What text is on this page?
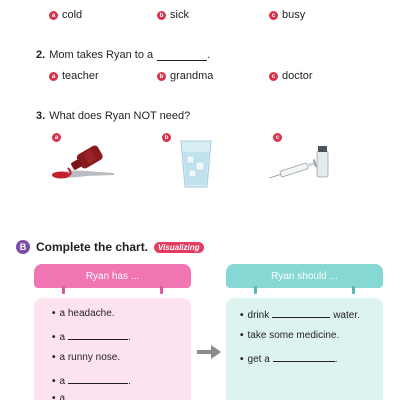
a cold	b sick	c busy
2. Mom takes Ryan to a	.
a teacher	b grandma	c doctor
3. What does Ryan NOT need?
a	b	c
B Complete the chart.	Visualizing
Ryan has ...
• a headache.
• a	.
• a runny nose.
• a	.
• a
Ryan should ...
• drink	water.
• take some medicine.
• get a	.
